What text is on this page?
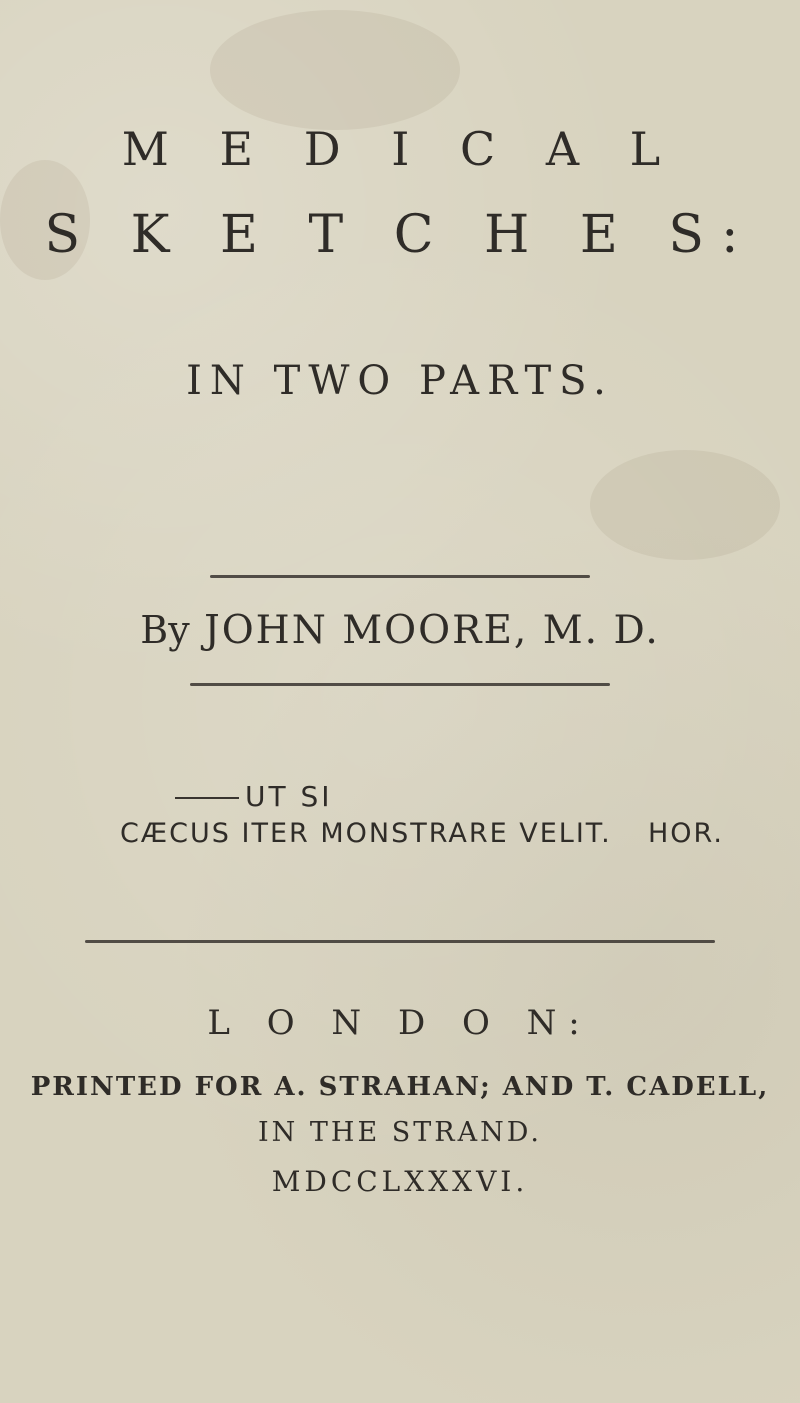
M E D I C A L
S K E T C H E S:
IN TWO PARTS.
By JOHN MOORE, M. D.
UT SI
CÆCUS ITER MONSTRARE VELIT. HOR.
L O N D O N:
PRINTED FOR A. STRAHAN; AND T. CADELL,
IN THE STRAND.
MDCCLXXXVI.
